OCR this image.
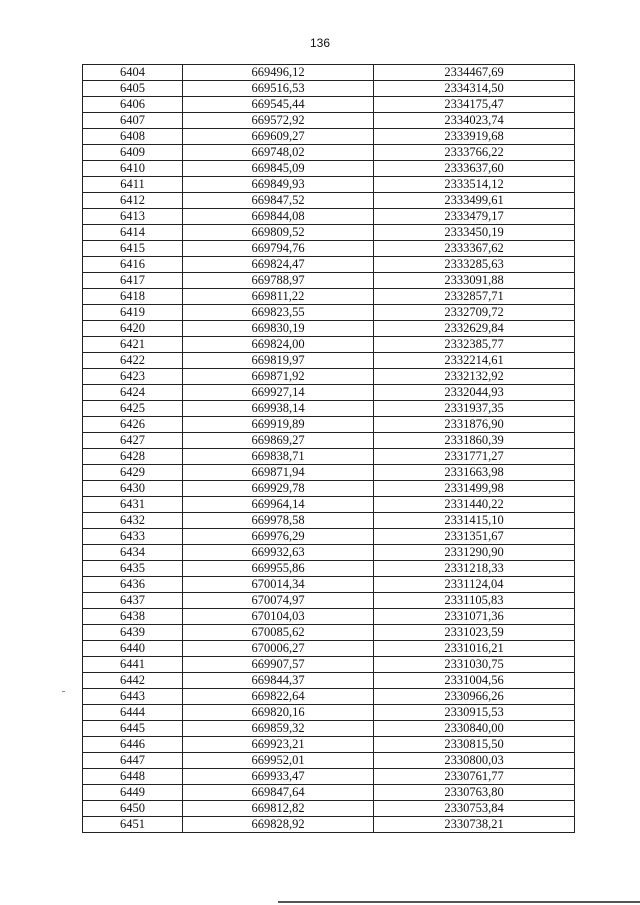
136
6404	669496,12	2334467,69
6405	669516,53	2334314,50
6406	669545,44	2334175,47
6407	669572,92	2334023,74
6408	669609,27	2333919,68
6409	669748,02	2333766,22
6410	669845,09	2333637,60
6411	669849,93	2333514,12
6412	669847,52	2333499,61
6413	669844,08	2333479,17
6414	669809,52	2333450,19
6415	669794,76	2333367,62
6416	669824,47	2333285,63
6417	669788,97	2333091,88
6418	669811,22	2332857,71
6419	669823,55	2332709,72
6420	669830,19	2332629,84
6421	669824,00	2332385,77
6422	669819,97	2332214,61
6423	669871,92	2332132,92
6424	669927,14	2332044,93
6425	669938,14	2331937,35
6426	669919,89	2331876,90
6427	669869,27	2331860,39
6428	669838,71	2331771,27
6429	669871,94	2331663,98
6430	669929,78	2331499,98
6431	669964,14	2331440,22
6432	669978,58	2331415,10
6433	669976,29	2331351,67
6434	669932,63	2331290,90
6435	669955,86	2331218,33
6436	670014,34	2331124,04
6437	670074,97	2331105,83
6438	670104,03	2331071,36
6439	670085,62	2331023,59
6440	670006,27	2331016,21
6441	669907,57	2331030,75
6442	669844,37	2331004,56
6443	669822,64	2330966,26
6444	669820,16	2330915,53
6445	669859,32	2330840,00
6446	669923,21	2330815,50
6447	669952,01	2330800,03
6448	669933,47	2330761,77
6449	669847,64	2330763,80
6450	669812,82	2330753,84
6451	669828,92	2330738,21
